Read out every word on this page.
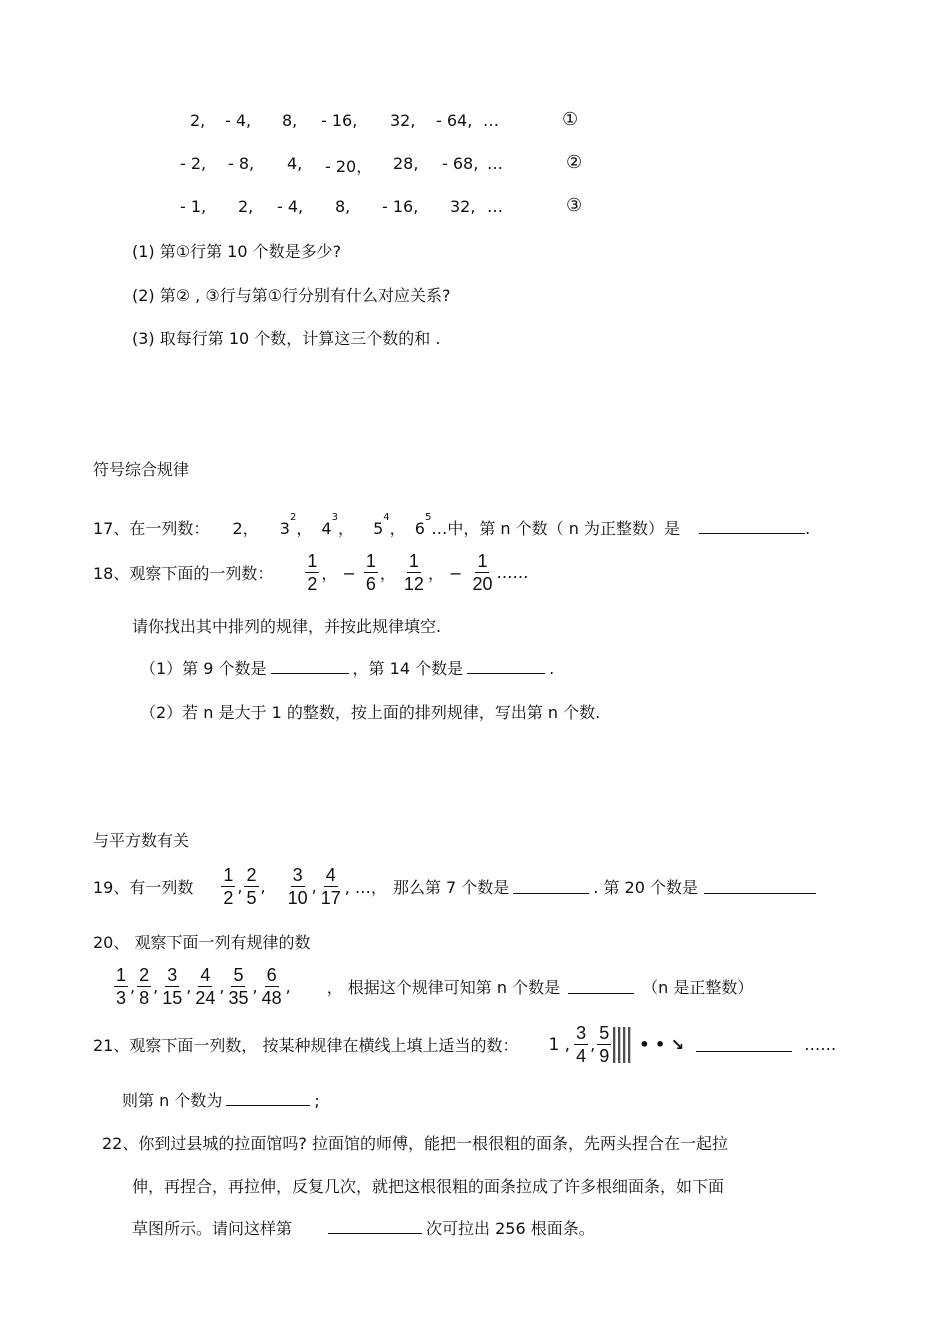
2, - 4, 8, - 16, 32, - 64, …	①
- 2, - 8, 4, - 20， 28, - 68, …	②
- 1, 2, - 4, 8, - 16, 32, …	③
(1) 第①行第 10 个数是多少?
(2) 第② , ③行与第①行分别有什么对应关系?
(3) 取每行第 10 个数，计算这三个数的和 .
符号综合规律
17、在一列数： 2， $3^2$， $4^3$， $5^4$， $6^5\dots$中，第 n 个数（ n 为正整数）是	.
18、观察下面的一列数： $\frac{1}{2}$ ， − $\frac{1}{6}$ ， $\frac{1}{12}$ ， − $\frac{1}{20}$ ……
请你找出其中排列的规律，并按此规律填空.
（1）第 9 个数是	，第 14 个数是	.
（2）若 n 是大于 1 的整数，按上面的排列规律，写出第 n 个数.
与平方数有关
19、有一列数 $\frac{1}{2}$ , $\frac{2}{5}$ , $\frac{3}{10}$ , $\frac{4}{17}$ , …， 那么第 7 个数是	. 第 20 个数是
20、 观察下面一列有规律的数
$\frac{1}{3}$ , $\frac{2}{8}$ , $\frac{3}{15}$ , $\frac{4}{24}$ , $\frac{5}{35}$ , $\frac{6}{48}$ , ， 根据这个规律可知第 n 个数是	（n 是正整数）
21、观察下面一列数， 按某种规律在横线上填上适当的数： 1 , $\frac{3}{4}$ , $\frac{5}{9}$ • • ↘	……
则第 n 个数为	;
22、你到过县城的拉面馆吗? 拉面馆的师傅，能把一根很粗的面条，先两头捏合在一起拉
伸，再捏合，再拉伸，反复几次，就把这根很粗的面条拉成了许多根细面条，如下面
草图所示。请问这样第	次可拉出 256 根面条。
